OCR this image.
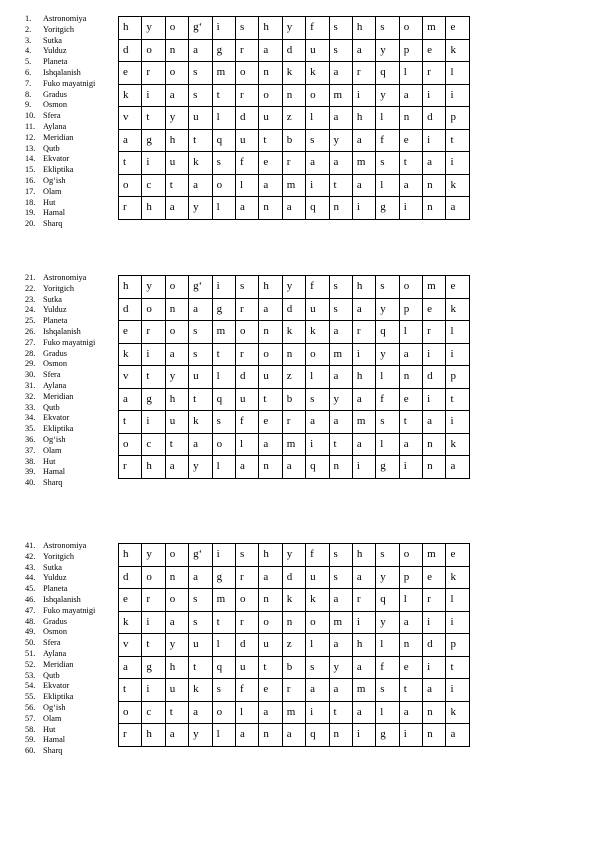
1. Astronomiya
2. Yoritgich
3. Sutka
4. Yulduz
5. Planeta
6. Ishqalanish
7. Fuko mayatnigi
8. Gradus
9. Osmon
10. Sfera
11. Aylana
12. Meridian
13. Qutb
14. Ekvator
15. Ekliptika
16. Og‘ish
17. Olam
18. Hut
19. Hamal
20. Sharq
h	y	o	g‘	i	s	h	y	f	s	h	s	o	m	e
d	o	n	a	g	r	a	d	u	s	a	y	p	e	k
e	r	o	s	m	o	n	k	k	a	r	q	l	r	l
k	i	a	s	t	r	o	n	o	m	i	y	a	i	i
v	t	y	u	l	d	u	z	l	a	h	l	n	d	p
a	g	h	t	q	u	t	b	s	y	a	f	e	i	t
t	i	u	k	s	f	e	r	a	a	m	s	t	a	i
o	c	t	a	o	l	a	m	i	t	a	l	a	n	k
r	h	a	y	l	a	n	a	q	n	i	g	i	n	a
21. Astronomiya
22. Yoritgich
23. Sutka
24. Yulduz
25. Planeta
26. Ishqalanish
27. Fuko mayatnigi
28. Gradus
29. Osmon
30. Sfera
31. Aylana
32. Meridian
33. Qutb
34. Ekvator
35. Ekliptika
36. Og‘ish
37. Olam
38. Hut
39. Hamal
40. Sharq
h	y	o	g‘	i	s	h	y	f	s	h	s	o	m	e
d	o	n	a	g	r	a	d	u	s	a	y	p	e	k
e	r	o	s	m	o	n	k	k	a	r	q	l	r	l
k	i	a	s	t	r	o	n	o	m	i	y	a	i	i
v	t	y	u	l	d	u	z	l	a	h	l	n	d	p
a	g	h	t	q	u	t	b	s	y	a	f	e	i	t
t	i	u	k	s	f	e	r	a	a	m	s	t	a	i
o	c	t	a	o	l	a	m	i	t	a	l	a	n	k
r	h	a	y	l	a	n	a	q	n	i	g	i	n	a
41. Astronomiya
42. Yoritgich
43. Sutka
44. Yulduz
45. Planeta
46. Ishqalanish
47. Fuko mayatnigi
48. Gradus
49. Osmon
50. Sfera
51. Aylana
52. Meridian
53. Qutb
54. Ekvator
55. Ekliptika
56. Og‘ish
57. Olam
58. Hut
59. Hamal
60. Sharq
h	y	o	g‘	i	s	h	y	f	s	h	s	o	m	e
d	o	n	a	g	r	a	d	u	s	a	y	p	e	k
e	r	o	s	m	o	n	k	k	a	r	q	l	r	l
k	i	a	s	t	r	o	n	o	m	i	y	a	i	i
v	t	y	u	l	d	u	z	l	a	h	l	n	d	p
a	g	h	t	q	u	t	b	s	y	a	f	e	i	t
t	i	u	k	s	f	e	r	a	a	m	s	t	a	i
o	c	t	a	o	l	a	m	i	t	a	l	a	n	k
r	h	a	y	l	a	n	a	q	n	i	g	i	n	a
